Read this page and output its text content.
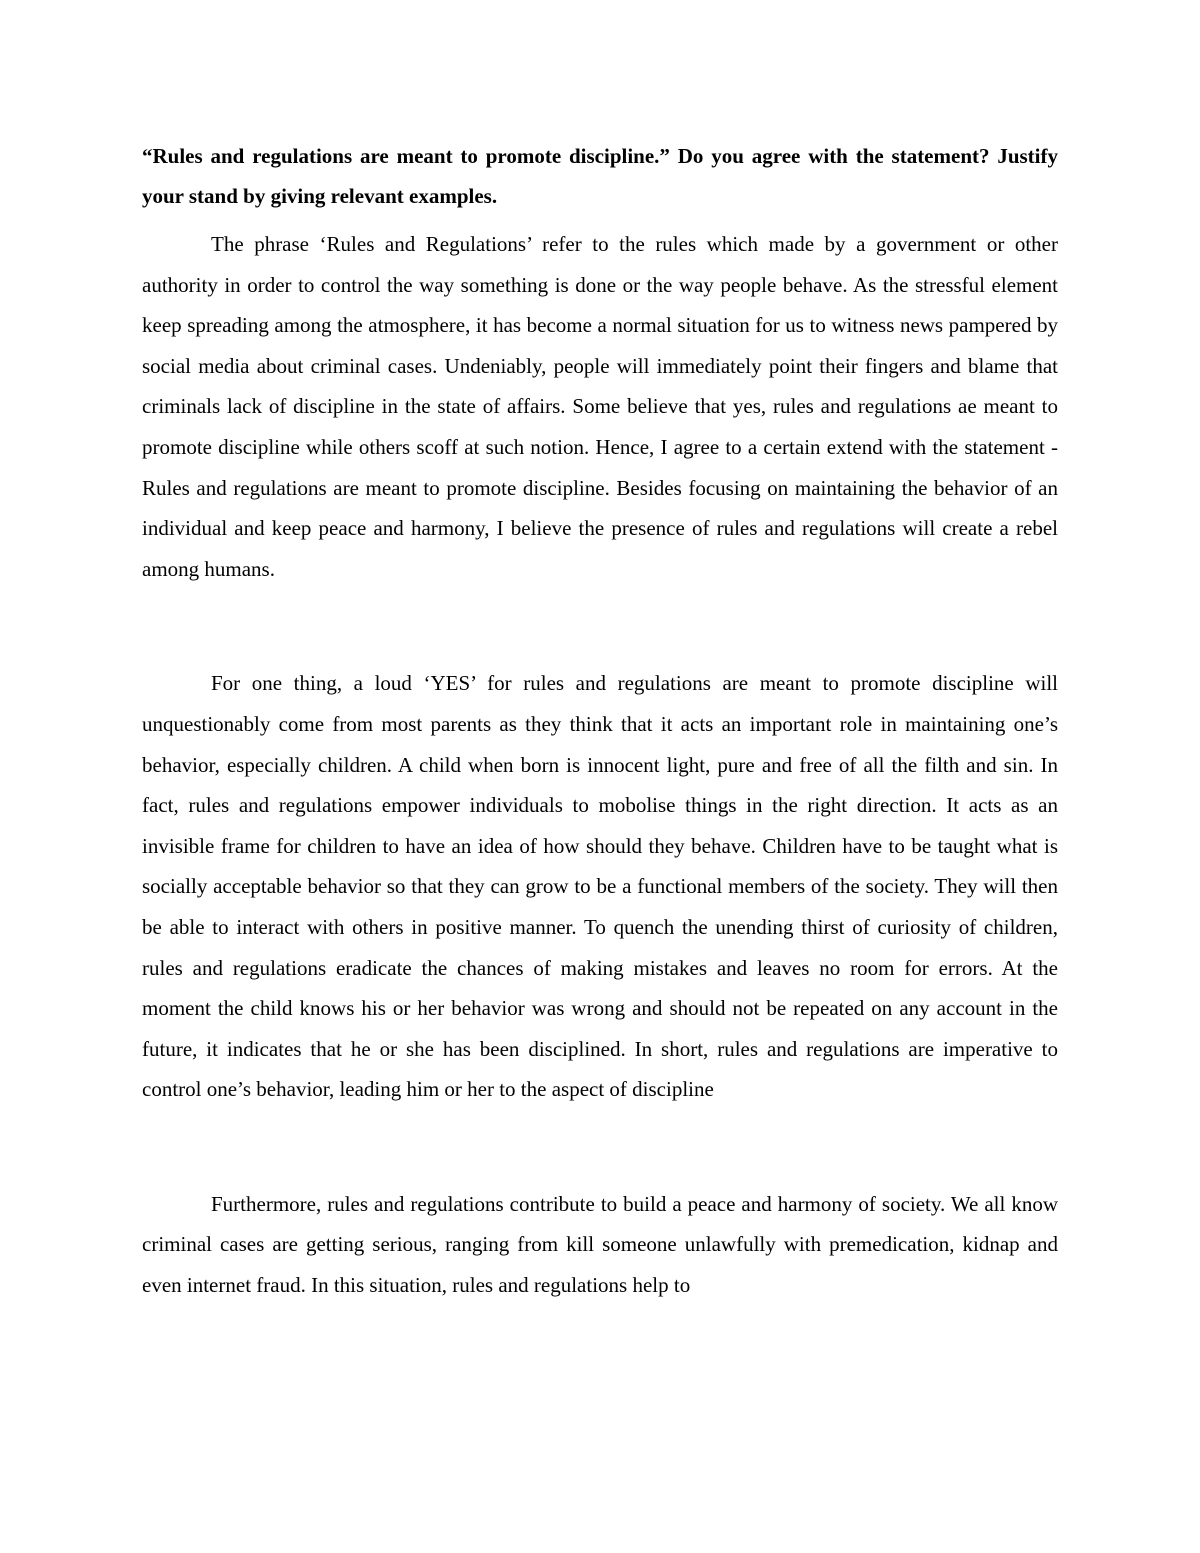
“Rules and regulations are meant to promote discipline.” Do you agree with the statement? Justify your stand by giving relevant examples.

The phrase ‘Rules and Regulations’ refer to the rules which made by a government or other authority in order to control the way something is done or the way people behave. As the stressful element keep spreading among the atmosphere, it has become a normal situation for us to witness news pampered by social media about criminal cases. Undeniably, people will immediately point their fingers and blame that criminals lack of discipline in the state of affairs. Some believe that yes, rules and regulations ae meant to promote discipline while others scoff at such notion. Hence, I agree to a certain extend with the statement - Rules and regulations are meant to promote discipline. Besides focusing on maintaining the behavior of an individual and keep peace and harmony, I believe the presence of rules and regulations will create a rebel among humans.

For one thing, a loud ‘YES’ for rules and regulations are meant to promote discipline will unquestionably come from most parents as they think that it acts an important role in maintaining one’s behavior, especially children. A child when born is innocent light, pure and free of all the filth and sin. In fact, rules and regulations empower individuals to mobolise things in the right direction. It acts as an invisible frame for children to have an idea of how should they behave. Children have to be taught what is socially acceptable behavior so that they can grow to be a functional members of the society. They will then be able to interact with others in positive manner. To quench the unending thirst of curiosity of children, rules and regulations eradicate the chances of making mistakes and leaves no room for errors. At the moment the child knows his or her behavior was wrong and should not be repeated on any account in the future, it indicates that he or she has been disciplined. In short, rules and regulations are imperative to control one’s behavior, leading him or her to the aspect of discipline

Furthermore, rules and regulations contribute to build a peace and harmony of society. We all know criminal cases are getting serious, ranging from kill someone unlawfully with premedication, kidnap and even internet fraud. In this situation, rules and regulations help to
